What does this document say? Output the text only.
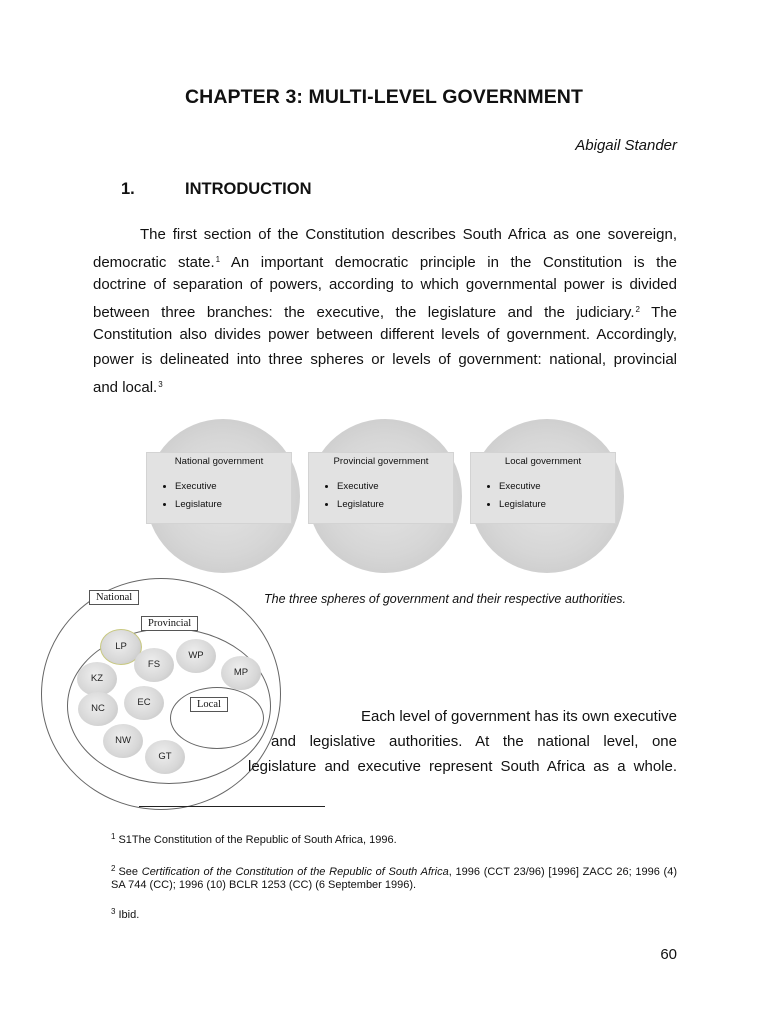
CHAPTER 3: MULTI-LEVEL GOVERNMENT
Abigail Stander
1.	INTRODUCTION
The first section of the Constitution describes South Africa as one sovereign,
democratic state.$^1$ An important democratic principle in the Constitution is the
doctrine of separation of powers, according to which governmental power is divided
between three branches: the executive, the legislature and the judiciary.$^2$ The
Constitution also divides power between different levels of government. Accordingly,
power is delineated into three spheres or levels of government: national, provincial
and local.$^3$
National government
• Executive
• Legislature
Provincial government
• Executive
• Legislature
Local government
• Executive
• Legislature
The three spheres of government and their respective authorities.
National
Provincial
Local
LP
FS
WP
MP
KZ
EC
NC
NW
GT
Each level of government has its own executive
and legislative authorities. At the national level, one
legislature and executive represent South Africa as a whole.
$^1$ S1The Constitution of the Republic of South Africa, 1996.
$^2$ See Certification of the Constitution of the Republic of South Africa, 1996 (CCT 23/96) [1996] ZACC 26; 1996 (4) SA 744 (CC); 1996 (10) BCLR 1253 (CC) (6 September 1996).
$^3$ Ibid.
60
